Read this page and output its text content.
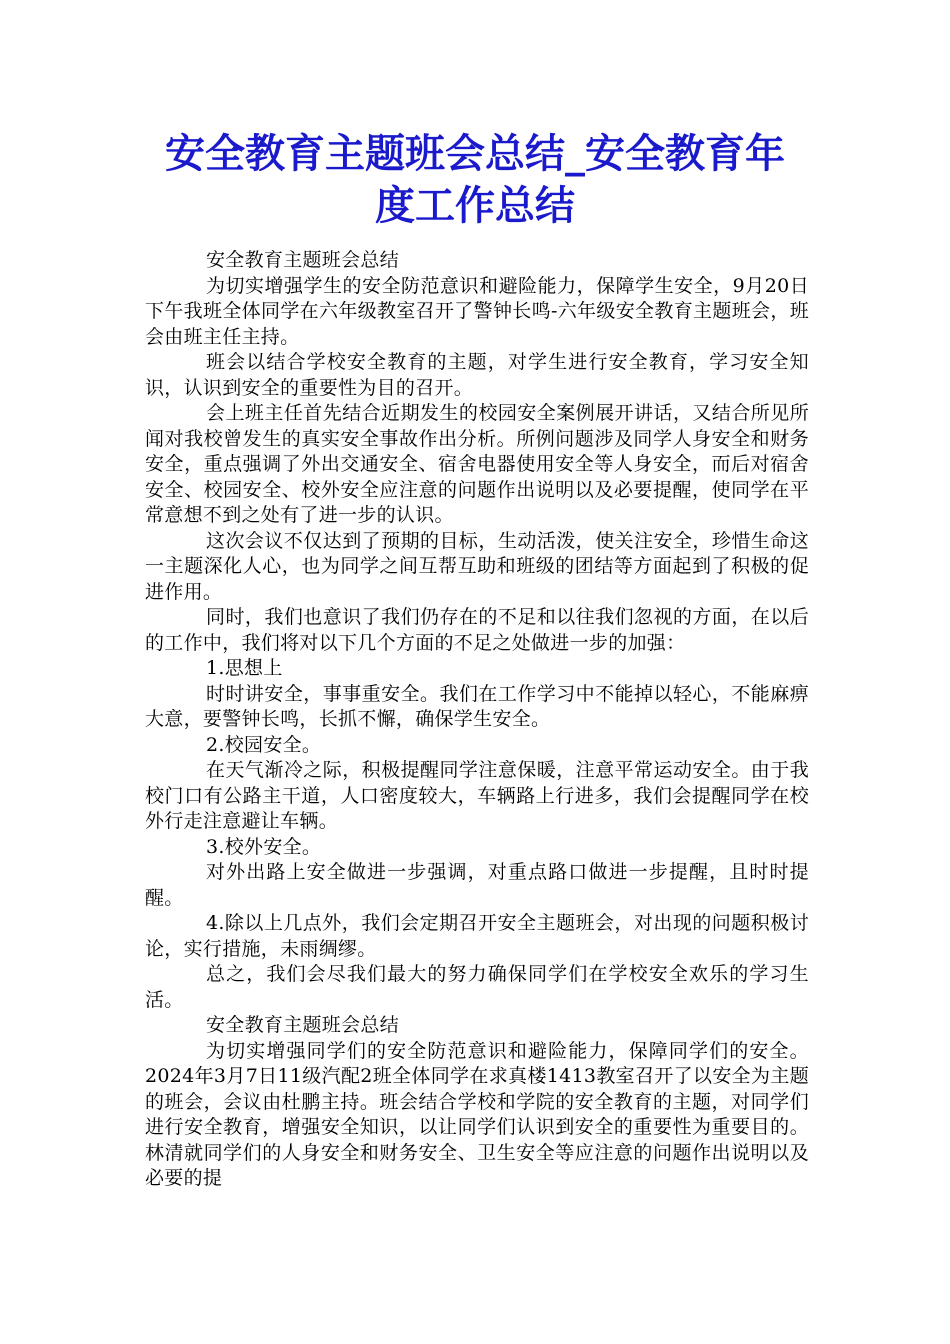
安全教育主题班会总结_安全教育年
度工作总结

安全教育主题班会总结

为切实增强学生的安全防范意识和避险能力，保障学生安全，9月20日下午我班全体同学在六年级教室召开了警钟长鸣-六年级安全教育主题班会，班会由班主任主持。

班会以结合学校安全教育的主题，对学生进行安全教育，学习安全知识，认识到安全的重要性为目的召开。

会上班主任首先结合近期发生的校园安全案例展开讲话，又结合所见所闻对我校曾发生的真实安全事故作出分析。所例问题涉及同学人身安全和财务安全，重点强调了外出交通安全、宿舍电器使用安全等人身安全，而后对宿舍安全、校园安全、校外安全应注意的问题作出说明以及必要提醒，使同学在平常意想不到之处有了进一步的认识。

这次会议不仅达到了预期的目标，生动活泼，使关注安全，珍惜生命这一主题深化人心，也为同学之间互帮互助和班级的团结等方面起到了积极的促进作用。

同时，我们也意识了我们仍存在的不足和以往我们忽视的方面，在以后的工作中，我们将对以下几个方面的不足之处做进一步的加强：

1.思想上

时时讲安全，事事重安全。我们在工作学习中不能掉以轻心，不能麻痹大意，要警钟长鸣，长抓不懈，确保学生安全。

2.校园安全。

在天气渐冷之际，积极提醒同学注意保暖，注意平常运动安全。由于我校门口有公路主干道，人口密度较大，车辆路上行进多，我们会提醒同学在校外行走注意避让车辆。

3.校外安全。

对外出路上安全做进一步强调，对重点路口做进一步提醒，且时时提醒。

4.除以上几点外，我们会定期召开安全主题班会，对出现的问题积极讨论，实行措施，未雨绸缪。

总之，我们会尽我们最大的努力确保同学们在学校安全欢乐的学习生活。

安全教育主题班会总结

为切实增强同学们的安全防范意识和避险能力，保障同学们的安全。2024年3月7日11级汽配2班全体同学在求真楼1413教室召开了以安全为主题的班会，会议由杜鹏主持。班会结合学校和学院的安全教育的主题，对同学们进行安全教育，增强安全知识，以让同学们认识到安全的重要性为重要目的。林清就同学们的人身安全和财务安全、卫生安全等应注意的问题作出说明以及必要的提
